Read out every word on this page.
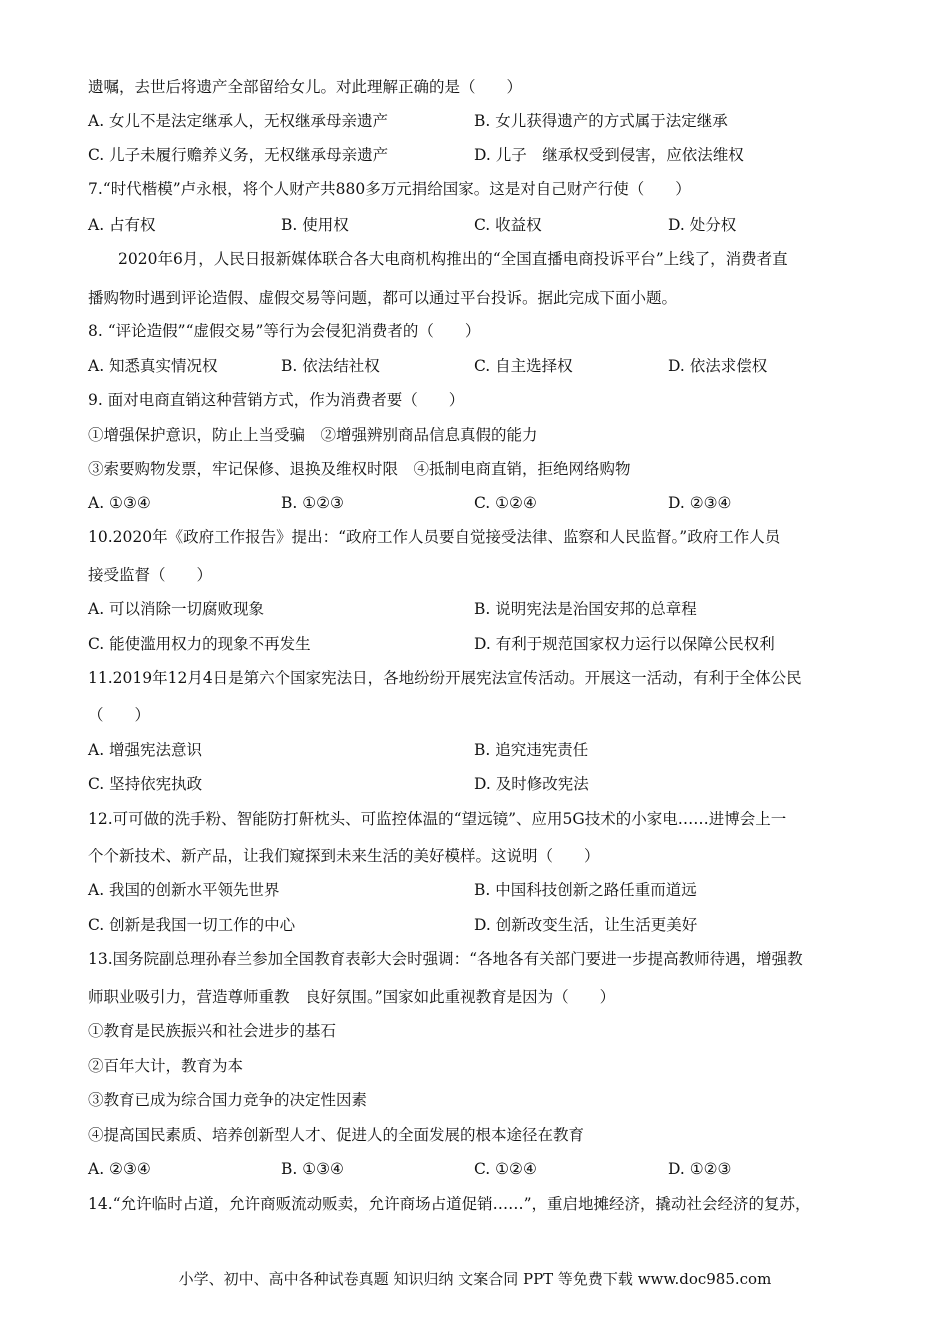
遗嘱，去世后将遗产全部留给女儿。对此理解正确的是（　　）
A. 女儿不是法定继承人，无权继承母亲遗产	B. 女儿获得遗产的方式属于法定继承
C. 儿子未履行赡养义务，无权继承母亲遗产	D. 儿子　继承权受到侵害，应依法维权
7.“时代楷模”卢永根，将个人财产共880多万元捐给国家。这是对自己财产行使（　　）
A. 占有权	B. 使用权	C. 收益权	D. 处分权
2020年6月，人民日报新媒体联合各大电商机构推出的“全国直播电商投诉平台”上线了，消费者直
播购物时遇到评论造假、虚假交易等问题，都可以通过平台投诉。据此完成下面小题。
8. “评论造假”“虚假交易”等行为会侵犯消费者的（　　）
A. 知悉真实情况权	B. 依法结社权	C. 自主选择权	D. 依法求偿权
9. 面对电商直销这种营销方式，作为消费者要（　　）
①增强保护意识，防止上当受骗　②增强辨别商品信息真假的能力
③索要购物发票，牢记保修、退换及维权时限　④抵制电商直销，拒绝网络购物
A. ①③④	B. ①②③	C. ①②④	D. ②③④
10.2020年《政府工作报告》提出：“政府工作人员要自觉接受法律、监察和人民监督。”政府工作人员
接受监督（　　）
A. 可以消除一切腐败现象	B. 说明宪法是治国安邦的总章程
C. 能使滥用权力的现象不再发生	D. 有利于规范国家权力运行以保障公民权利
11.2019年12月4日是第六个国家宪法日，各地纷纷开展宪法宣传活动。开展这一活动，有利于全体公民
（　　）
A. 增强宪法意识	B. 追究违宪责任
C. 坚持依宪执政	D. 及时修改宪法
12.可可做的洗手粉、智能防打鼾枕头、可监控体温的“望远镜”、应用5G技术的小家电……进博会上一
个个新技术、新产品，让我们窥探到未来生活的美好模样。这说明（　　）
A. 我国的创新水平领先世界	B. 中国科技创新之路任重而道远
C. 创新是我国一切工作的中心	D. 创新改变生活，让生活更美好
13.国务院副总理孙春兰参加全国教育表彰大会时强调：“各地各有关部门要进一步提高教师待遇，增强教
师职业吸引力，营造尊师重教　良好氛围。”国家如此重视教育是因为（　　）
①教育是民族振兴和社会进步的基石
②百年大计，教育为本
③教育已成为综合国力竞争的决定性因素
④提高国民素质、培养创新型人才、促进人的全面发展的根本途径在教育
A. ②③④	B. ①③④	C. ①②④	D. ①②③
14.“允许临时占道，允许商贩流动贩卖，允许商场占道促销……”，重启地摊经济，撬动社会经济的复苏，
小学、初中、高中各种试卷真题 知识归纳 文案合同 PPT 等免费下载 www.doc985.com
